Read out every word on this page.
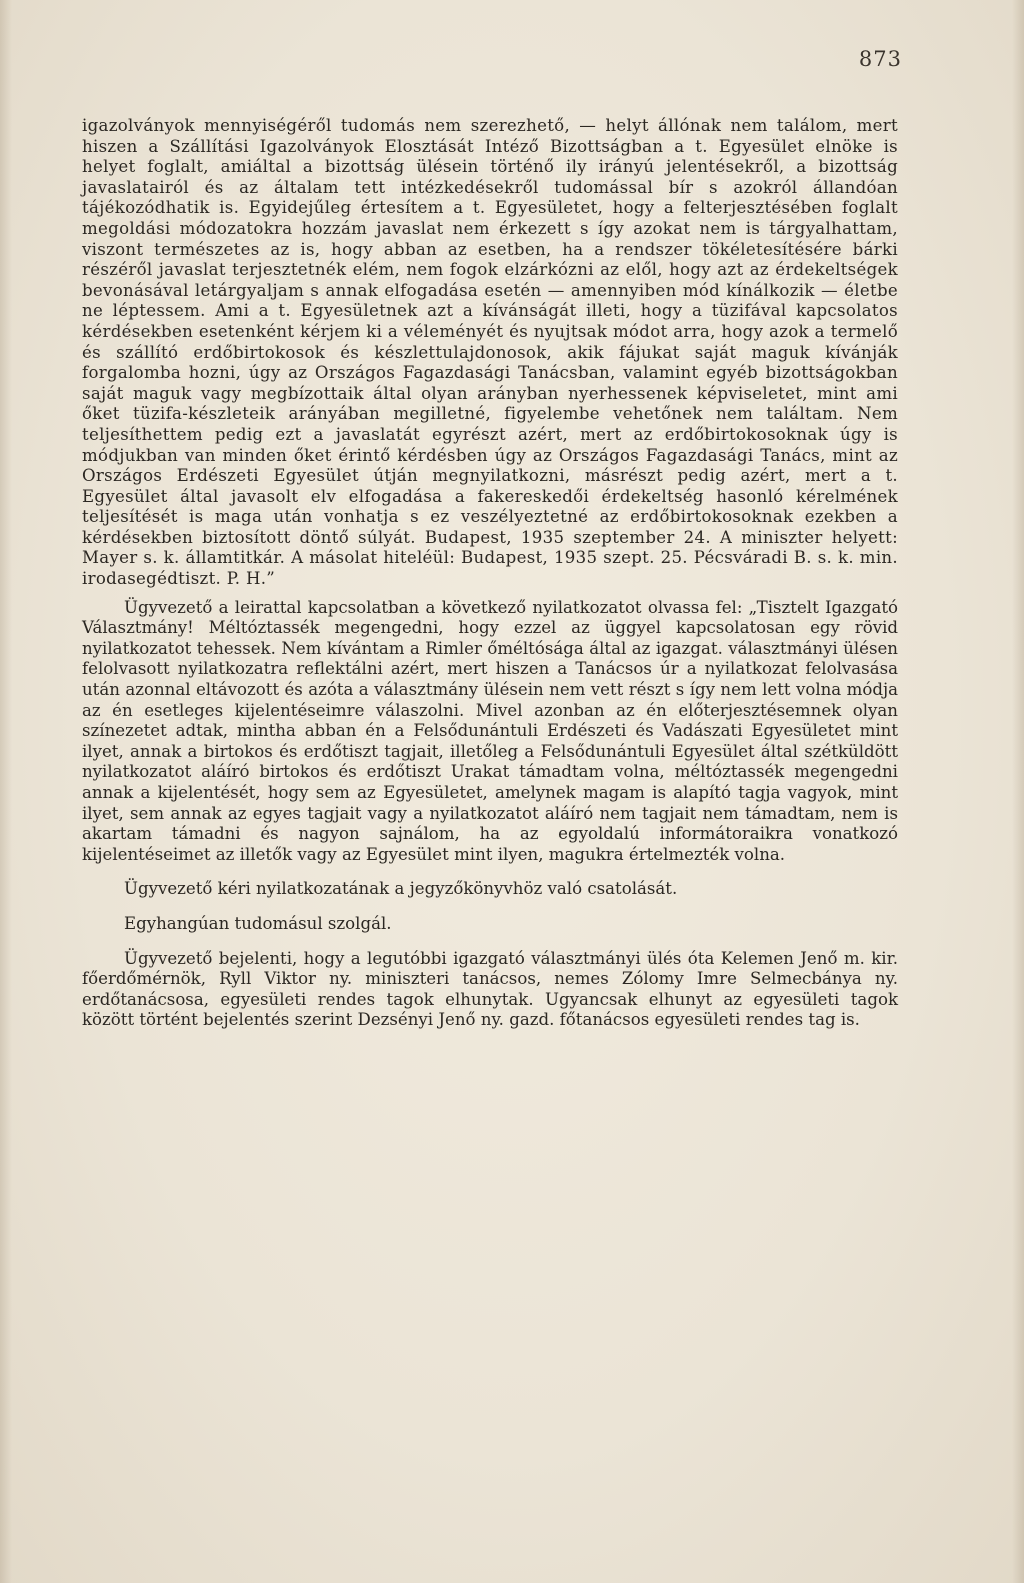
873

igazolványok mennyiségéről tudomás nem szerezhető, — helyt állónak nem találom, mert hiszen a Szállítási Igazolványok Elosztását Intéző Bizottságban a t. Egyesület elnöke is helyet foglalt, amiáltal a bizottság ülésein történő ily irányú jelentésekről, a bizottság javaslatairól és az általam tett intézkedésekről tudomással bír s azokról állandóan tájékozódhatik is. Egyidejűleg értesítem a t. Egyesületet, hogy a felterjesztésében foglalt megoldási módozatokra hozzám javaslat nem érkezett s így azokat nem is tárgyalhattam, viszont természetes az is, hogy abban az esetben, ha a rendszer tökéletesítésére bárki részéről javaslat terjesztetnék elém, nem fogok elzárkózni az elől, hogy azt az érdekeltségek bevonásával letárgyaljam s annak elfogadása esetén — amennyiben mód kínálkozik — életbe ne léptessem. Ami a t. Egyesületnek azt a kívánságát illeti, hogy a tüzifával kapcsolatos kérdésekben esetenként kérjem ki a véleményét és nyujtsak módot arra, hogy azok a termelő és szállító erdőbirtokosok és készlettulajdonosok, akik fájukat saját maguk kívánják forgalomba hozni, úgy az Országos Fagazdasági Tanácsban, valamint egyéb bizottságokban saját maguk vagy megbízottaik által olyan arányban nyerhessenek képviseletet, mint ami őket tüzifa-készleteik arányában megilletné, figyelembe vehetőnek nem találtam. Nem teljesíthettem pedig ezt a javaslatát egyrészt azért, mert az erdőbirtokosoknak úgy is módjukban van minden őket érintő kérdésben úgy az Országos Fagazdasági Tanács, mint az Országos Erdészeti Egyesület útján megnyilatkozni, másrészt pedig azért, mert a t. Egyesület által javasolt elv elfogadása a fakereskedői érdekeltség hasonló kérelmének teljesítését is maga után vonhatja s ez veszélyeztetné az erdőbirtokosoknak ezekben a kérdésekben biztosított döntő súlyát. Budapest, 1935 szeptember 24. A miniszter helyett: Mayer s. k. államtitkár. A másolat hiteléül: Budapest, 1935 szept. 25. Pécsváradi B. s. k. min. irodasegédtiszt. P. H.”

Ügyvezető a leirattal kapcsolatban a következő nyilatkozatot olvassa fel: „Tisztelt Igazgató Választmány! Méltóztassék megengedni, hogy ezzel az üggyel kapcsolatosan egy rövid nyilatkozatot tehessek. Nem kívántam a Rimler őméltósága által az igazgat. választmányi ülésen felolvasott nyilatkozatra reflektálni azért, mert hiszen a Tanácsos úr a nyilatkozat felolvasása után azonnal eltávozott és azóta a választmány ülésein nem vett részt s így nem lett volna módja az én esetleges kijelentéseimre válaszolni. Mivel azonban az én előterjesztésemnek olyan színezetet adtak, mintha abban én a Felsődunántuli Erdészeti és Vadászati Egyesületet mint ilyet, annak a birtokos és erdőtiszt tagjait, illetőleg a Felsődunántuli Egyesület által szétküldött nyilatkozatot aláíró birtokos és erdőtiszt Urakat támadtam volna, méltóztassék megengedni annak a kijelentését, hogy sem az Egyesületet, amelynek magam is alapító tagja vagyok, mint ilyet, sem annak az egyes tagjait vagy a nyilatkozatot aláíró nem tagjait nem támadtam, nem is akartam támadni és nagyon sajnálom, ha az egyoldalú informátoraikra vonatkozó kijelentéseimet az illetők vagy az Egyesület mint ilyen, magukra értelmezték volna.

Ügyvezető kéri nyilatkozatának a jegyzőkönyvhöz való csatolását.

Egyhangúan tudomásul szolgál.

Ügyvezető bejelenti, hogy a legutóbbi igazgató választmányi ülés óta Kelemen Jenő m. kir. főerdőmérnök, Ryll Viktor ny. miniszteri tanácsos, nemes Zólomy Imre Selmecbánya ny. erdőtanácsosa, egyesületi rendes tagok elhunytak. Ugyancsak elhunyt az egyesületi tagok között történt bejelentés szerint Dezsényi Jenő ny. gazd. főtanácsos egyesületi rendes tag is.
